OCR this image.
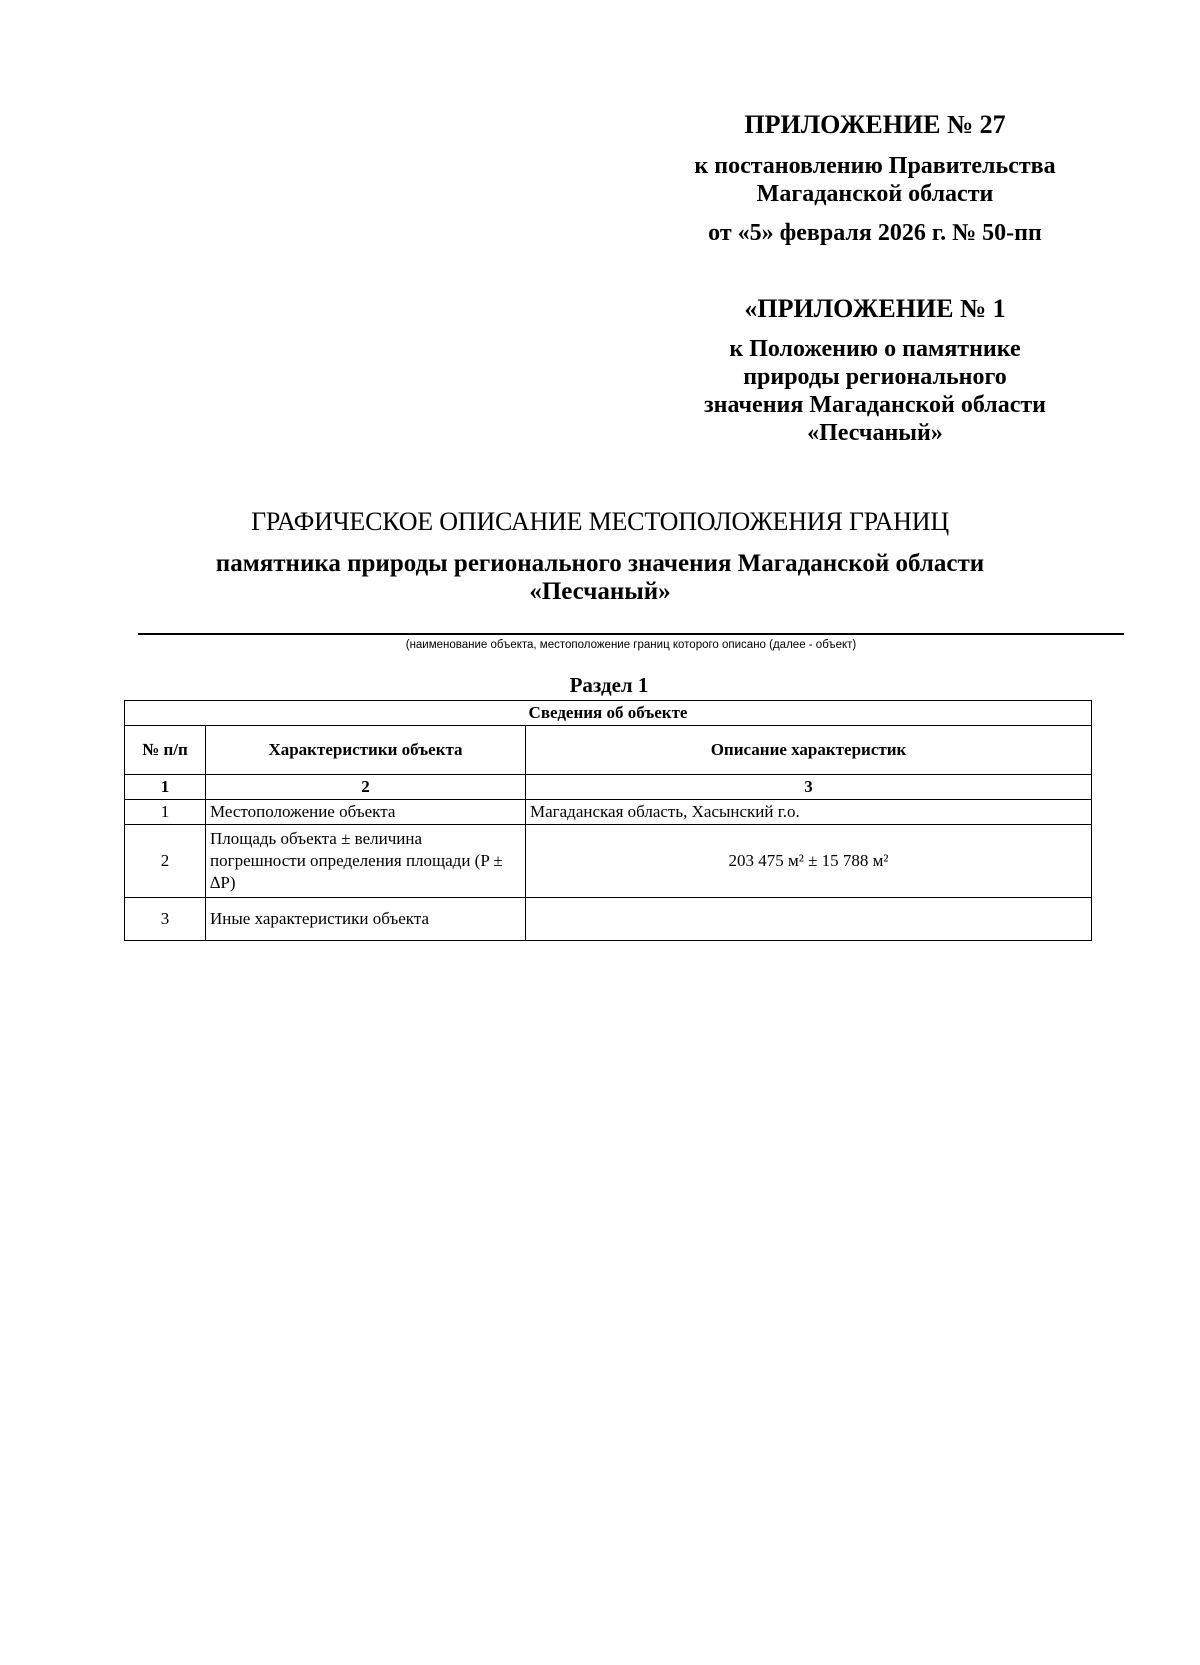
ПРИЛОЖЕНИЕ № 27
к постановлению Правительства
Магаданской области
от «5» февраля 2026 г. № 50-пп
«ПРИЛОЖЕНИЕ № 1
к Положению о памятнике
природы регионального
значения Магаданской области
«Песчаный»
ГРАФИЧЕСКОЕ ОПИСАНИЕ МЕСТОПОЛОЖЕНИЯ ГРАНИЦ
памятника природы регионального значения Магаданской области
«Песчаный»
(наименование объекта, местоположение границ которого описано (далее - объект)
Раздел 1
Сведения об объекте		
№ п/п	Характеристики объекта	Описание характеристик
1	2	3
1	Местоположение объекта	Магаданская область, Хасынский г.о.
2	Площадь объекта ± величина погрешности определения площади (P ± ∆P)	203 475 м² ± 15 788 м²
3	Иные характеристики объекта	
